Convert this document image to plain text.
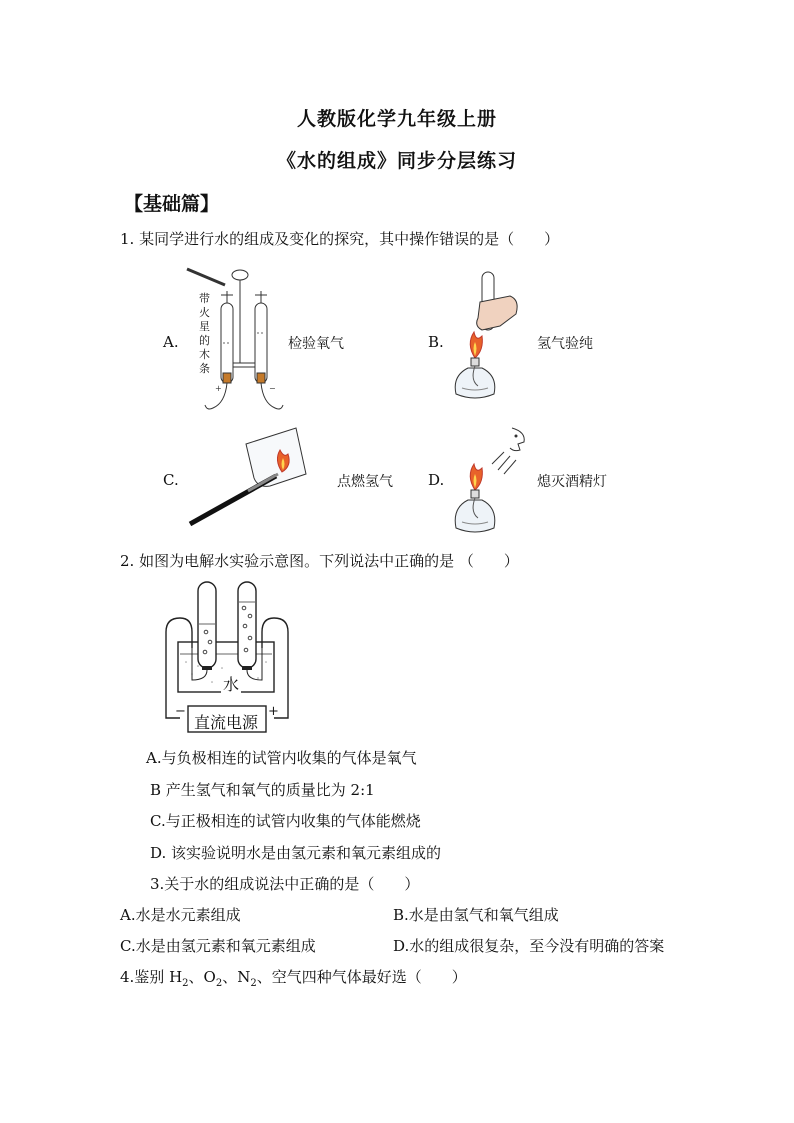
人教版化学九年级上册
《水的组成》同步分层练习
【基础篇】
1. 某同学进行水的组成及变化的探究，其中操作错误的是（　　）
A.	检验氧气
带火星的木条
+	−
B.	氢气验纯
C.	点燃氢气 D.	熄灭酒精灯
2. 如图为电解水实验示意图。下列说法中正确的是 （　　）
水
直流电源
−	+
A.与负极相连的试管内收集的气体是氧气
B 产生氢气和氧气的质量比为 2:1
C.与正极相连的试管内收集的气体能燃烧
D. 该实验说明水是由氢元素和氧元素组成的
3.关于水的组成说法中正确的是（　　）
A.水是水元素组成	B.水是由氢气和氧气组成
C.水是由氢元素和氧元素组成	D.水的组成很复杂，至今没有明确的答案
4.鉴别 $H_2$、$O_2$、$N_2$、空气四种气体最好选（　　）
